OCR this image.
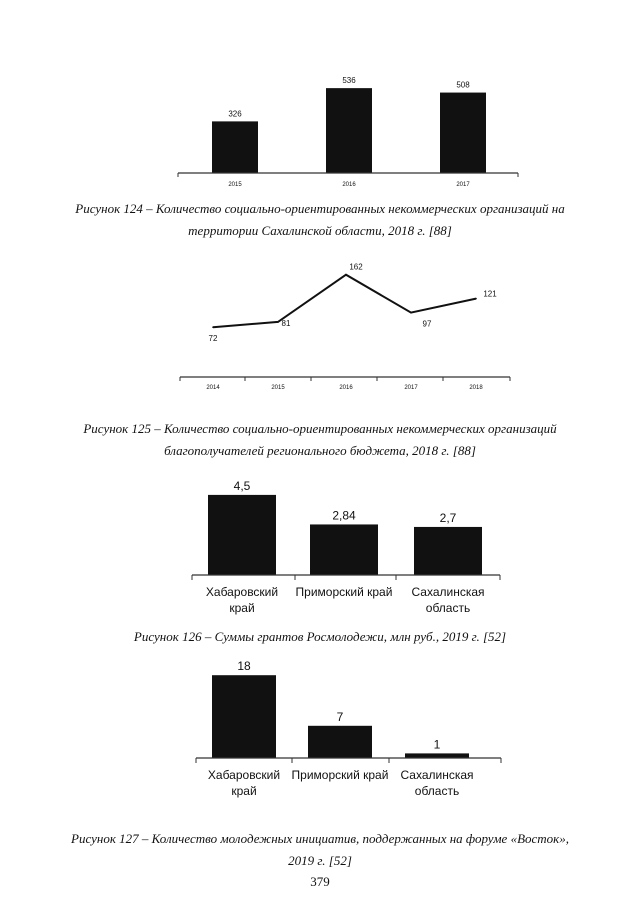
326
2015
536
2016
508
2017
72
2014
81
2015
162
2016
97
2017
121
2018
4,5
Хабаровский
край
2,84
Приморский край
2,7
Сахалинская
область
18
Хабаровский
край
7
Приморский край
1
Сахалинская
область
Рисунок 124 – Количество социально-ориентированных некоммерческих организаций на
территории Сахалинской области, 2018 г. [88]
Рисунок 125 – Количество социально-ориентированных некоммерческих организаций
благополучателей регионального бюджета, 2018 г. [88]
Рисунок 126 – Суммы грантов Росмолодежи, млн руб., 2019 г. [52]
Рисунок 127 – Количество молодежных инициатив, поддержанных на форуме «Восток»,
2019 г. [52]
379
